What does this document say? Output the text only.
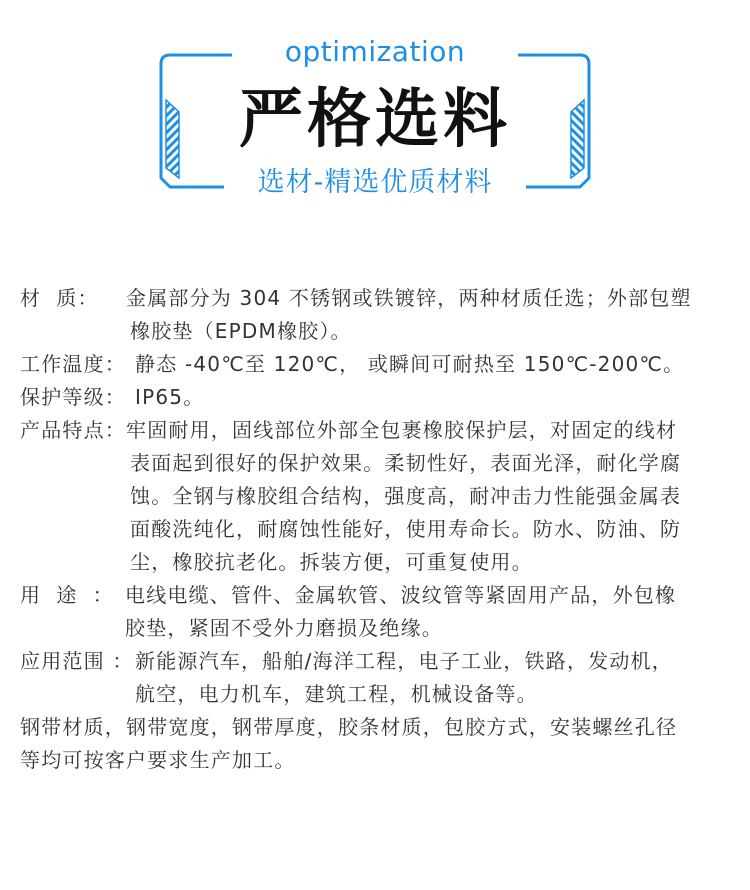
optimization
严格选料
选材-精选优质材料
材  质： 金属部分为 304 不锈钢或铁镀锌，两种材质任选；外部包塑
橡胶垫（EPDM橡胶）。
工作温度： 静态 -40℃至 120℃， 或瞬间可耐热至 150℃-200℃。
保护等级： IP65。
产品特点： 牢固耐用，固线部位外部全包裹橡胶保护层，对固定的线材
表面起到很好的保护效果。柔韧性好，表面光泽，耐化学腐
蚀。全钢与橡胶组合结构，强度高，耐冲击力性能强金属表
面酸洗纯化，耐腐蚀性能好，使用寿命长。防水、防油、防
尘，橡胶抗老化。拆装方便，可重复使用。
用  途  ： 电线电缆、管件、金属软管、波纹管等紧固用产品，外包橡
胶垫，紧固不受外力磨损及绝缘。
应用范围 ： 新能源汽车，船舶/海洋工程，电子工业，铁路，发动机，
航空，电力机车，建筑工程，机械设备等。
钢带材质，钢带宽度，钢带厚度，胶条材质，包胶方式，安装螺丝孔径
等均可按客户要求生产加工。
